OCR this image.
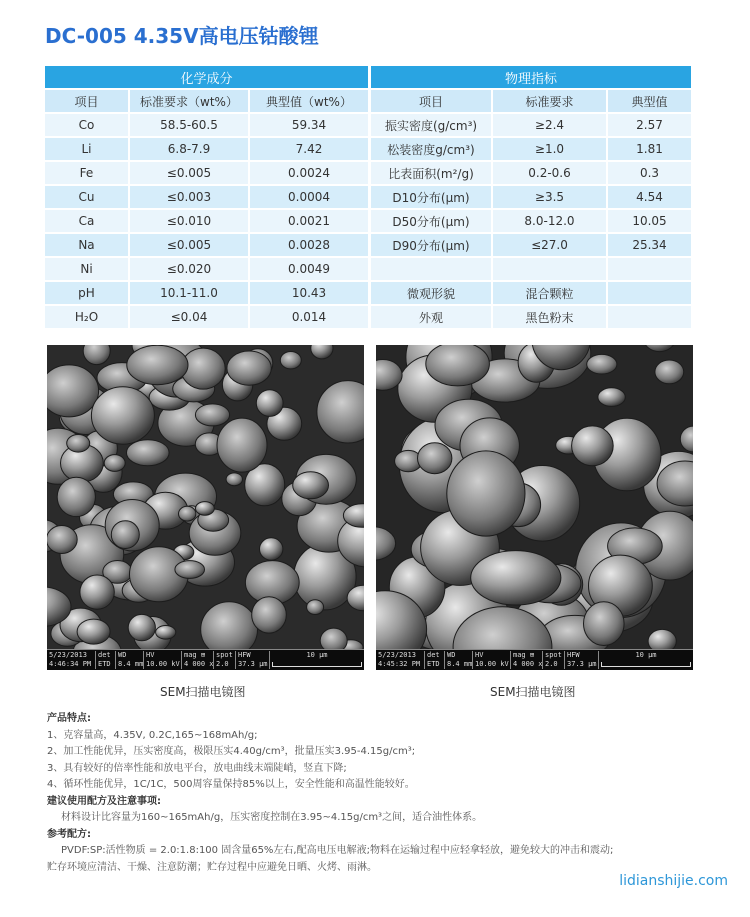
DC-005 4.35V高电压钴酸锂
化学成分		
项目	标准要求（wt%）	典型值（wt%）
Co	58.5-60.5	59.34
Li	6.8-7.9	7.42
Fe	≤0.005	0.0024
Cu	≤0.003	0.0004
Ca	≤0.010	0.0021
Na	≤0.005	0.0028
Ni	≤0.020	0.0049
pH	10.1-11.0	10.43
H₂O	≤0.04	0.014
物理指标		
项目	标准要求	典型值
振实密度(g/cm³)	≥2.4	2.57
松装密度g/cm³)	≥1.0	1.81
比表面积(m²/g)	0.2-0.6	0.3
D10分布(μm)	≥3.5	4.54
D50分布(μm)	8.0-12.0	10.05
D90分布(μm)	≤27.0	25.34

微观形貌	混合颗粒	
外观	黑色粉末	
5/23/2013
4:46:34 PM
det
ETD
WD
8.4 mm
HV
10.00 kV
mag ⊞
4 000 x
spot
2.0
HFW
37.3 μm
10 μm	5/23/2013
4:45:32 PM
det
ETD
WD
8.4 mm
HV
10.00 kV
mag ⊞
4 000 x
spot
2.0
HFW
37.3 μm
10 μm
SEM扫描电镜图	SEM扫描电镜图
产品特点:
1、克容量高，4.35V, 0.2C,165~168mAh/g;
2、加工性能优异，压实密度高，极限压实4.40g/cm³，批量压实3.95-4.15g/cm³;
3、具有较好的倍率性能和放电平台，放电曲线末端陡峭，竖直下降;
4、循环性能优异，1C/1C，500周容量保持85%以上，安全性能和高温性能较好。
建议使用配方及注意事项:
材料设计比容量为160~165mAh/g，压实密度控制在3.95~4.15g/cm³之间，适合油性体系。
参考配方:
PVDF:SP:活性物质 = 2.0:1.8:100 固含量65%左右,配高电压电解液;物料在运输过程中应轻拿轻放，避免较大的冲击和震动;
贮存环境应清洁、干燥、注意防潮；贮存过程中应避免日晒、火烤、雨淋。
lidianshijie.com
